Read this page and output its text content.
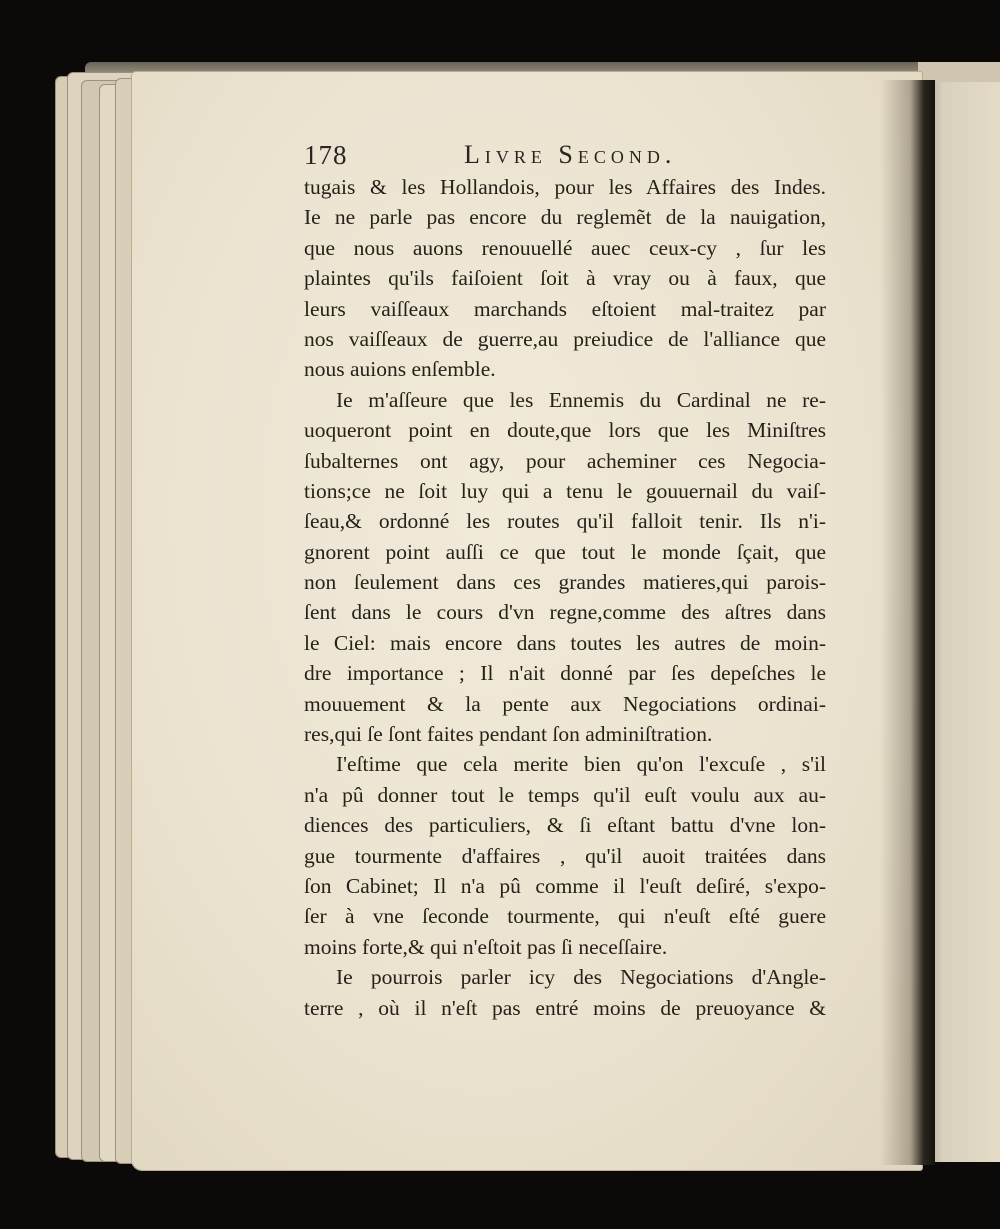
178	Livre Second.
tugais & les Hollandois, pour les Affaires des Indes.
Ie ne parle pas encore du reglemẽt de la nauigation,
que nous auons renouuellé auec ceux-cy , ſur les
plaintes qu'ils faiſoient ſoit à vray ou à faux, que
leurs vaiſſeaux marchands eſtoient mal-traitez par
nos vaiſſeaux de guerre,au preiudice de l'alliance que
nous auions enſemble.
Ie m'aſſeure que les Ennemis du Cardinal ne re-
uoqueront point en doute,que lors que les Miniſtres
ſubalternes ont agy, pour acheminer ces Negocia-
tions;ce ne ſoit luy qui a tenu le gouuernail du vaiſ-
ſeau,& ordonné les routes qu'il falloit tenir. Ils n'i-
gnorent point auſſi ce que tout le monde ſçait, que
non ſeulement dans ces grandes matieres,qui parois-
ſent dans le cours d'vn regne,comme des aſtres dans
le Ciel: mais encore dans toutes les autres de moin-
dre importance ; Il n'ait donné par ſes depeſches le
mouuement & la pente aux Negociations ordinai-
res,qui ſe ſont faites pendant ſon adminiſtration.
I'eſtime que cela merite bien qu'on l'excuſe , s'il
n'a pû donner tout le temps qu'il euſt voulu aux au-
diences des particuliers, & ſi eſtant battu d'vne lon-
gue tourmente d'affaires , qu'il auoit traitées dans
ſon Cabinet; Il n'a pû comme il l'euſt deſiré, s'expo-
ſer à vne ſeconde tourmente, qui n'euſt eſté guere
moins forte,& qui n'eſtoit pas ſi neceſſaire.
Ie pourrois parler icy des Negociations d'Angle-
terre , où il n'eſt pas entré moins de preuoyance &
